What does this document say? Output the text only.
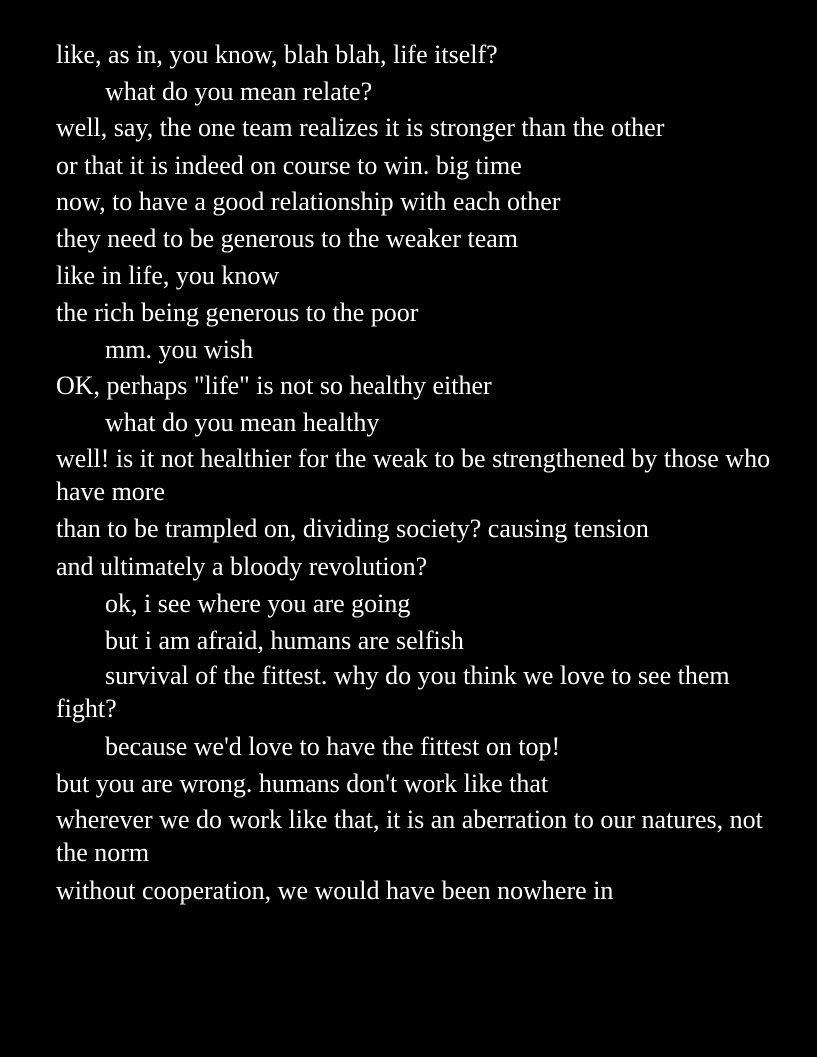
like, as in, you know, blah blah, life itself?

what do you mean relate?

well, say, the one team realizes it is stronger than the other

or that it is indeed on course to win. big time

now, to have a good relationship with each other

they need to be generous to the weaker team

like in life, you know

the rich being generous to the poor

mm. you wish

OK, perhaps "life" is not so healthy either

what do you mean healthy

well! is it not healthier for the weak to be strengthened by those who have more

than to be trampled on, dividing society? causing tension

and ultimately a bloody revolution?

ok, i see where you are going

but i am afraid, humans are selfish

survival of the fittest. why do you think we love to see them fight?

because we'd love to have the fittest on top!

but you are wrong. humans don't work like that

wherever we do work like that, it is an aberration to our natures, not the norm

without cooperation, we would have been nowhere in
